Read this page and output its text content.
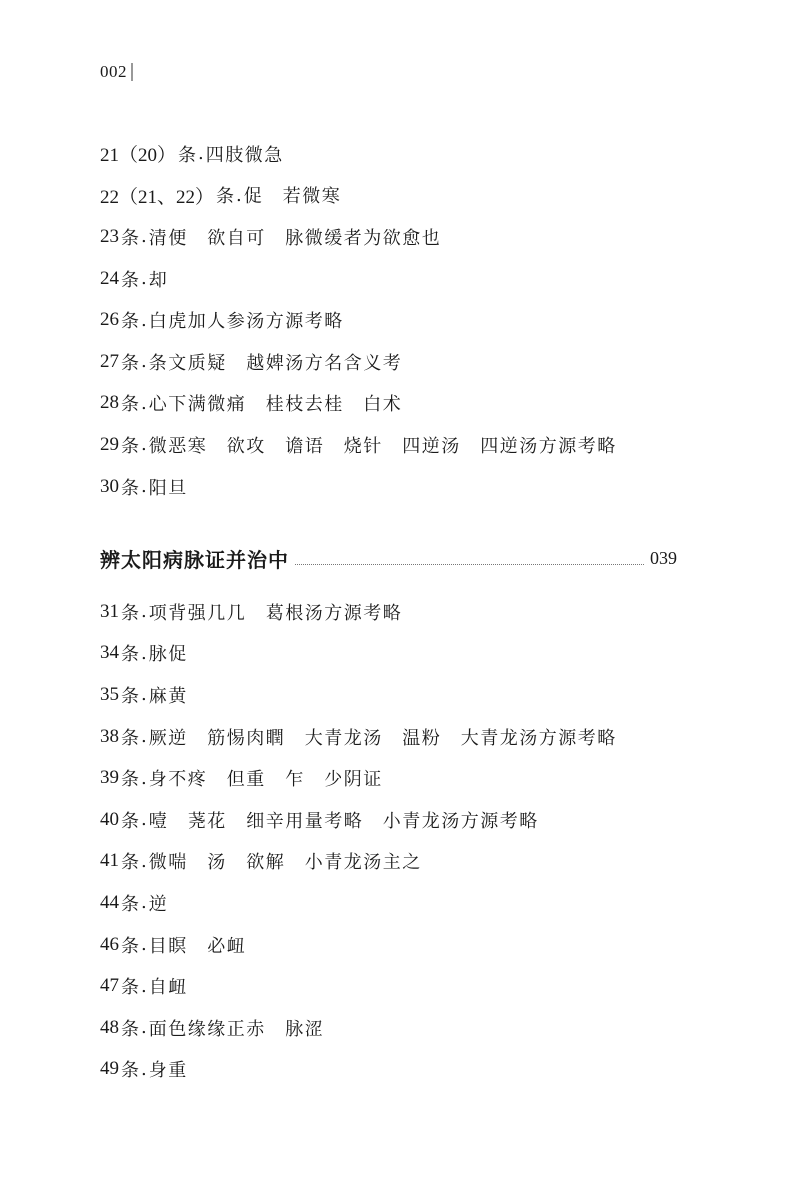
002
21（20） 条 . 四肢微急
22（21、22） 条 . 促　若微寒
23 条 . 清便　欲自可　脉微缓者为欲愈也
24 条 . 却
26 条 . 白虎加人参汤方源考略
27 条 . 条文质疑　越婢汤方名含义考
28 条 . 心下满微痛　桂枝去桂　白术
29 条 . 微恶寒　欲攻　谵语　烧针　四逆汤　四逆汤方源考略
30 条 . 阳旦
辨太阳病脉证并治中	039
31 条 . 项背强几几　葛根汤方源考略
34 条 . 脉促
35 条 . 麻黄
38 条 . 厥逆　筋惕肉瞤　大青龙汤　温粉　大青龙汤方源考略
39 条 . 身不疼　但重　乍　少阴证
40 条 . 噎　荛花　细辛用量考略　小青龙汤方源考略
41 条 . 微喘　汤　欲解　小青龙汤主之
44 条 . 逆
46 条 . 目瞑　必衄
47 条 . 自衄
48 条 . 面色缘缘正赤　脉涩
49 条 . 身重
